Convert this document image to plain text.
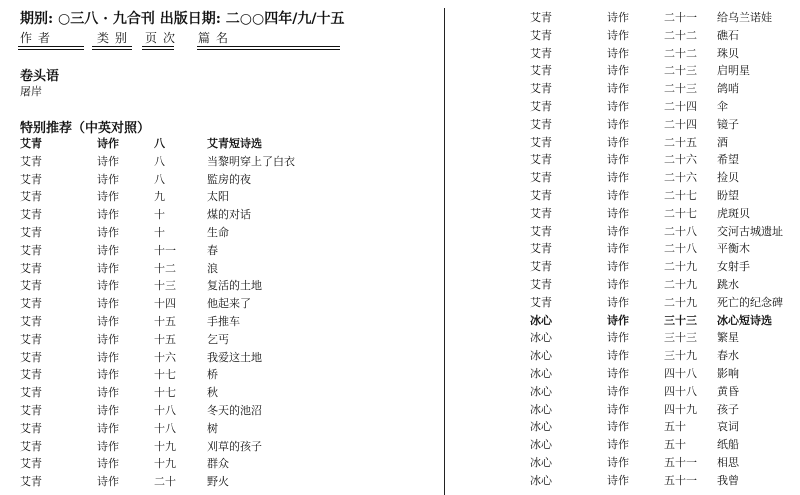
期别: ○三八 · 九合刊 出版日期: 二○○四年/九/十五
作者	类别 页次 篇名
卷头语
屠岸
特别推荐（中英对照）
艾青	诗作	八	艾青短诗选
艾青	诗作	八	当黎明穿上了白衣
艾青	诗作	八	監房的夜
艾青	诗作	九	太阳
艾青	诗作	十	煤的对话
艾青	诗作	十	生命
艾青	诗作	十一	春
艾青	诗作	十二	浪
艾青	诗作	十三	复活的土地
艾青	诗作	十四	他起来了
艾青	诗作	十五	手推车
艾青	诗作	十五	乞丐
艾青	诗作	十六	我爱这土地
艾青	诗作	十七	桥
艾青	诗作	十七	秋
艾青	诗作	十八	冬天的池沼
艾青	诗作	十八	树
艾青	诗作	十九	刈草的孩子
艾青	诗作	十九	群众
艾青	诗作	二十	野火
艾青	诗作	二十一 给乌兰诺娃
艾青	诗作	二十二 礁石
艾青	诗作	二十二 珠贝
艾青	诗作	二十三 启明星
艾青	诗作	二十三 鸽哨
艾青	诗作	二十四 伞
艾青	诗作	二十四 镜子
艾青	诗作	二十五 酒
艾青	诗作	二十六 希望
艾青	诗作	二十六 捡贝
艾青	诗作	二十七 盼望
艾青	诗作	二十七 虎斑贝
艾青	诗作	二十八 交河古城遗址
艾青	诗作	二十八 平衡木
艾青	诗作	二十九 女射手
艾青	诗作	二十九 跳水
艾青	诗作	二十九 死亡的纪念碑
冰心	诗作	三十三 冰心短诗选
冰心	诗作	三十三 繁星
冰心	诗作	三十九 春水
冰心	诗作	四十八 影响
冰心	诗作	四十八 黄昏
冰心	诗作	四十九 孩子
冰心	诗作	五十	哀词
冰心	诗作	五十	纸船
冰心	诗作	五十一 相思
冰心	诗作	五十一 我曾
